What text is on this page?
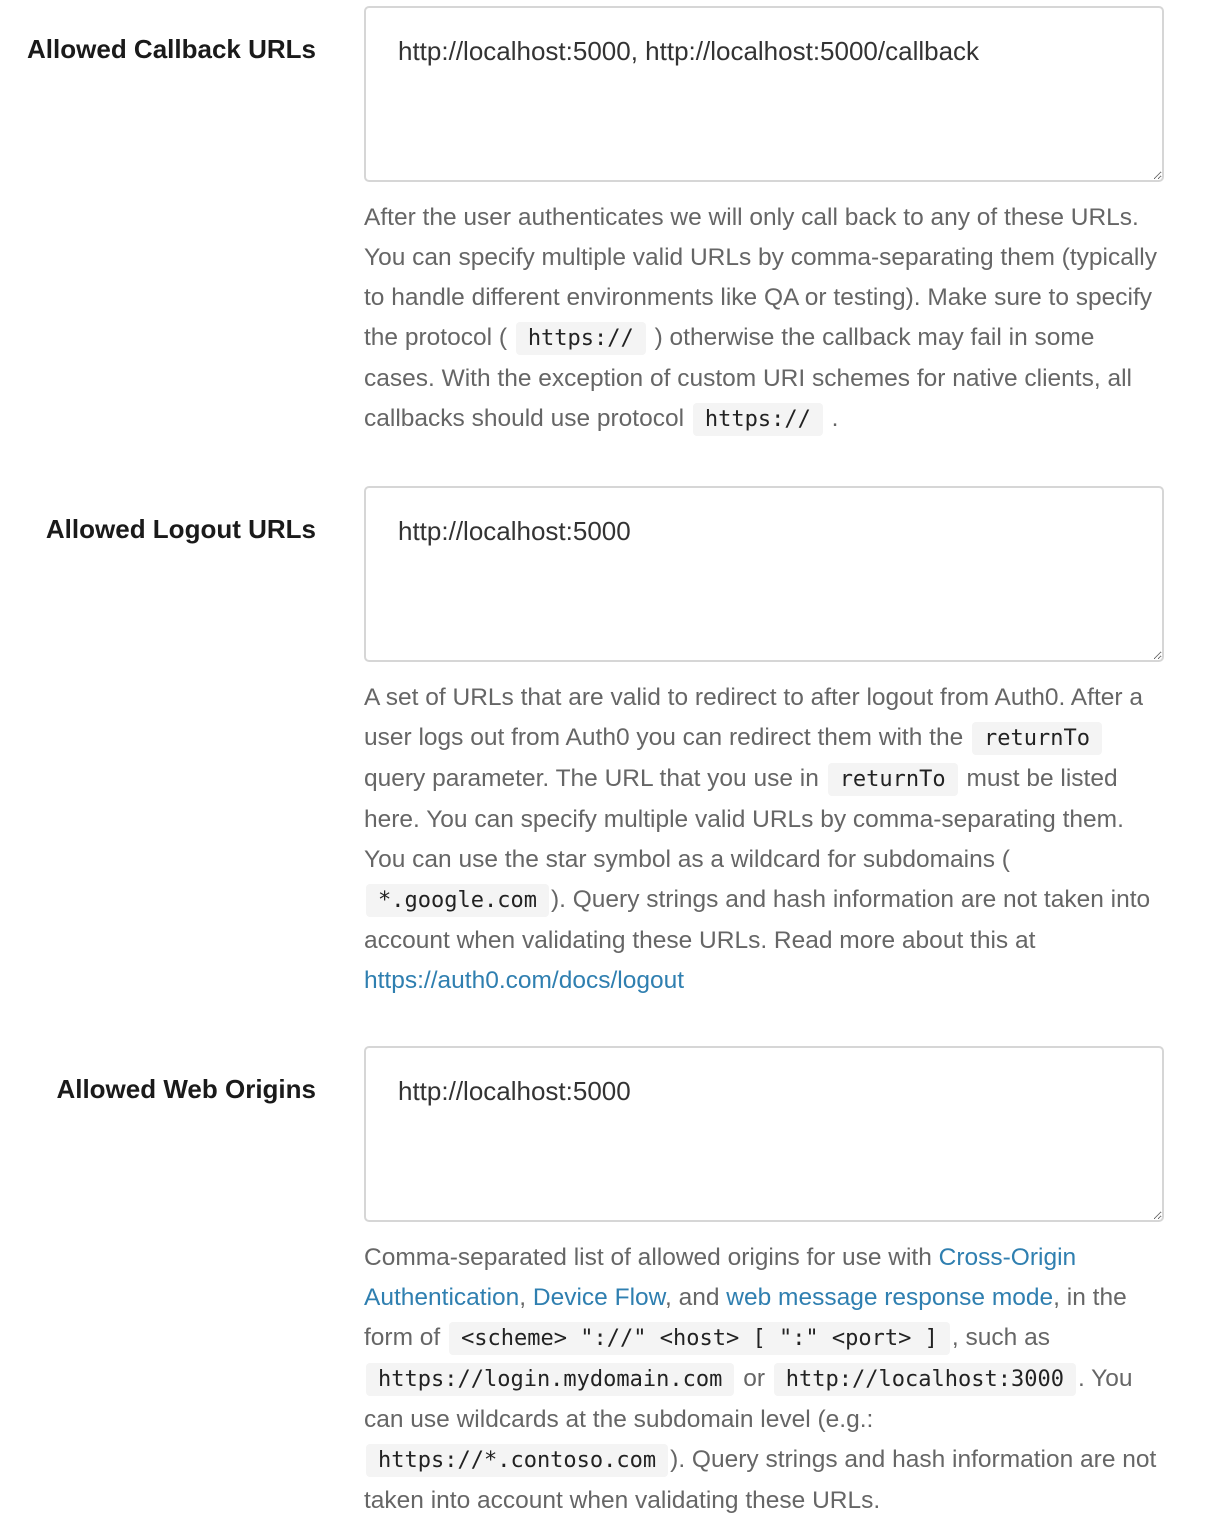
Allowed Callback URLs
http://localhost:5000, http://localhost:5000/callback
After the user authenticates we will only call back to any of these URLs. You can specify multiple valid URLs by comma-separating them (typically to handle different environments like QA or testing). Make sure to specify the protocol ( https:// ) otherwise the callback may fail in some cases. With the exception of custom URI schemes for native clients, all callbacks should use protocol https:// .
Allowed Logout URLs
http://localhost:5000
A set of URLs that are valid to redirect to after logout from Auth0. After a user logs out from Auth0 you can redirect them with the returnTo query parameter. The URL that you use in returnTo must be listed here. You can specify multiple valid URLs by comma-separating them. You can use the star symbol as a wildcard for subdomains ( *.google.com ). Query strings and hash information are not taken into account when validating these URLs. Read more about this at https://auth0.com/docs/logout
Allowed Web Origins
http://localhost:5000
Comma-separated list of allowed origins for use with Cross-Origin Authentication, Device Flow, and web message response mode, in the form of <scheme> "://" <host> [ ":" <port> ] , such as https://login.mydomain.com or http://localhost:3000 . You can use wildcards at the subdomain level (e.g.: https://*.contoso.com ). Query strings and hash information are not taken into account when validating these URLs.
